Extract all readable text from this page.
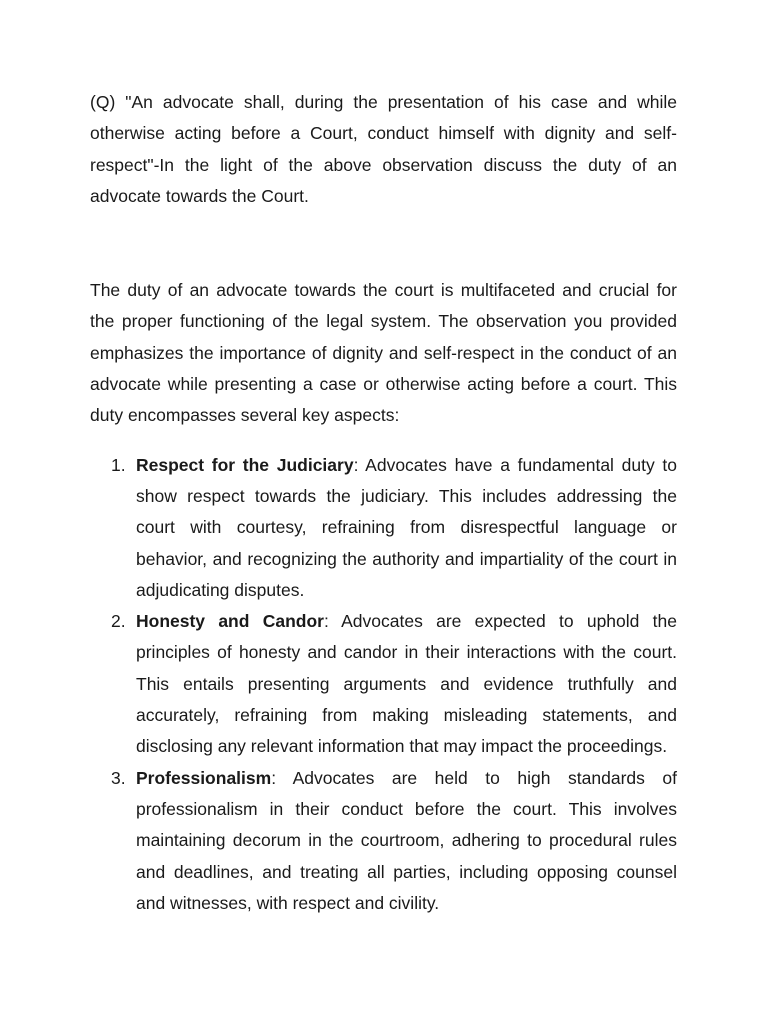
(Q) "An advocate shall, during the presentation of his case and while otherwise acting before a Court, conduct himself with dignity and self-respect"-In the light of the above observation discuss the duty of an advocate towards the Court.

The duty of an advocate towards the court is multifaceted and crucial for the proper functioning of the legal system. The observation you provided emphasizes the importance of dignity and self-respect in the conduct of an advocate while presenting a case or otherwise acting before a court. This duty encompasses several key aspects:

1. Respect for the Judiciary: Advocates have a fundamental duty to show respect towards the judiciary. This includes addressing the court with courtesy, refraining from disrespectful language or behavior, and recognizing the authority and impartiality of the court in adjudicating disputes.
2. Honesty and Candor: Advocates are expected to uphold the principles of honesty and candor in their interactions with the court. This entails presenting arguments and evidence truthfully and accurately, refraining from making misleading statements, and disclosing any relevant information that may impact the proceedings.
3. Professionalism: Advocates are held to high standards of professionalism in their conduct before the court. This involves maintaining decorum in the courtroom, adhering to procedural rules and deadlines, and treating all parties, including opposing counsel and witnesses, with respect and civility.
